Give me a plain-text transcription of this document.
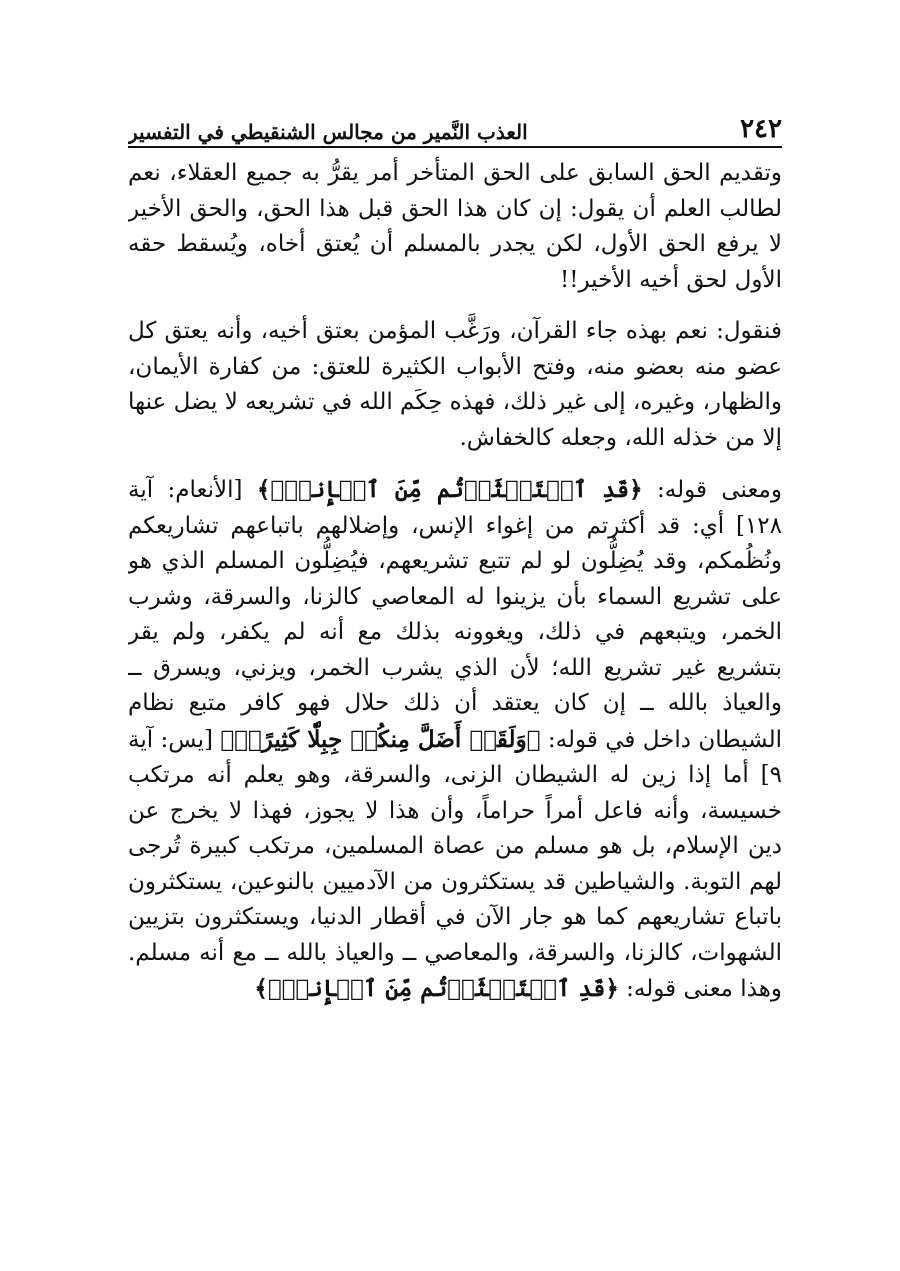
٢٤٢
العذب النَّمير من مجالس الشنقيطي في التفسير

وتقديم الحق السابق على الحق المتأخر أمر يقرُّ به جميع العقلاء، نعم لطالب العلم أن يقول: إن كان هذا الحق قبل هذا الحق، والحق الأخير لا يرفع الحق الأول، لكن يجدر بالمسلم أن يُعتق أخاه، ويُسقط حقه الأول لحق أخيه الأخير!!

فنقول: نعم بهذه جاء القرآن، ورَغَّب المؤمن بعتق أخيه، وأنه يعتق كل عضو منه بعضو منه، وفتح الأبواب الكثيرة للعتق: من كفارة الأيمان، والظهار، وغيره، إلى غير ذلك، فهذه حِكَم الله في تشريعه لا يضل عنها إلا من خذله الله، وجعله كالخفاش.

ومعنى قوله: ﴿قَدِ ٱسۡتَكۡثَرۡتُم مِّنَ ٱلۡإِنسِۖ﴾ [الأنعام: آية ١٢٨] أي: قد أكثرتم من إغواء الإنس، وإضلالهم باتباعهم تشاريعكم ونُظُمكم، وقد يُضِلُّون لو لم تتبع تشريعهم، فيُضِلُّون المسلم الذي هو على تشريع السماء بأن يزينوا له المعاصي كالزنا، والسرقة، وشرب الخمر، ويتبعهم في ذلك، ويغوونه بذلك مع أنه لم يكفر، ولم يقر بتشريع غير تشريع الله؛ لأن الذي يشرب الخمر، ويزني، ويسرق ــ والعياذ بالله ــ إن كان يعتقد أن ذلك حلال فهو كافر متبع نظام الشيطان داخل في قوله: ﴿وَلَقَدۡ أَضَلَّ مِنكُمۡ جِبِلّٗا كَثِيرًاۖ﴾ [يس: آية ٩] أما إذا زين له الشيطان الزنى، والسرقة، وهو يعلم أنه مرتكب خسيسة، وأنه فاعل أمراً حراماً، وأن هذا لا يجوز، فهذا لا يخرج عن دين الإسلام، بل هو مسلم من عصاة المسلمين، مرتكب كبيرة تُرجى لهم التوبة. والشياطين قد يستكثرون من الآدميين بالنوعين، يستكثرون باتباع تشاريعهم كما هو جار الآن في أقطار الدنيا، ويستكثرون بتزيين الشهوات، كالزنا، والسرقة، والمعاصي ــ والعياذ بالله ــ مع أنه مسلم. وهذا معنى قوله: ﴿قَدِ ٱسۡتَكۡثَرۡتُم مِّنَ ٱلۡإِنسِۖ﴾
